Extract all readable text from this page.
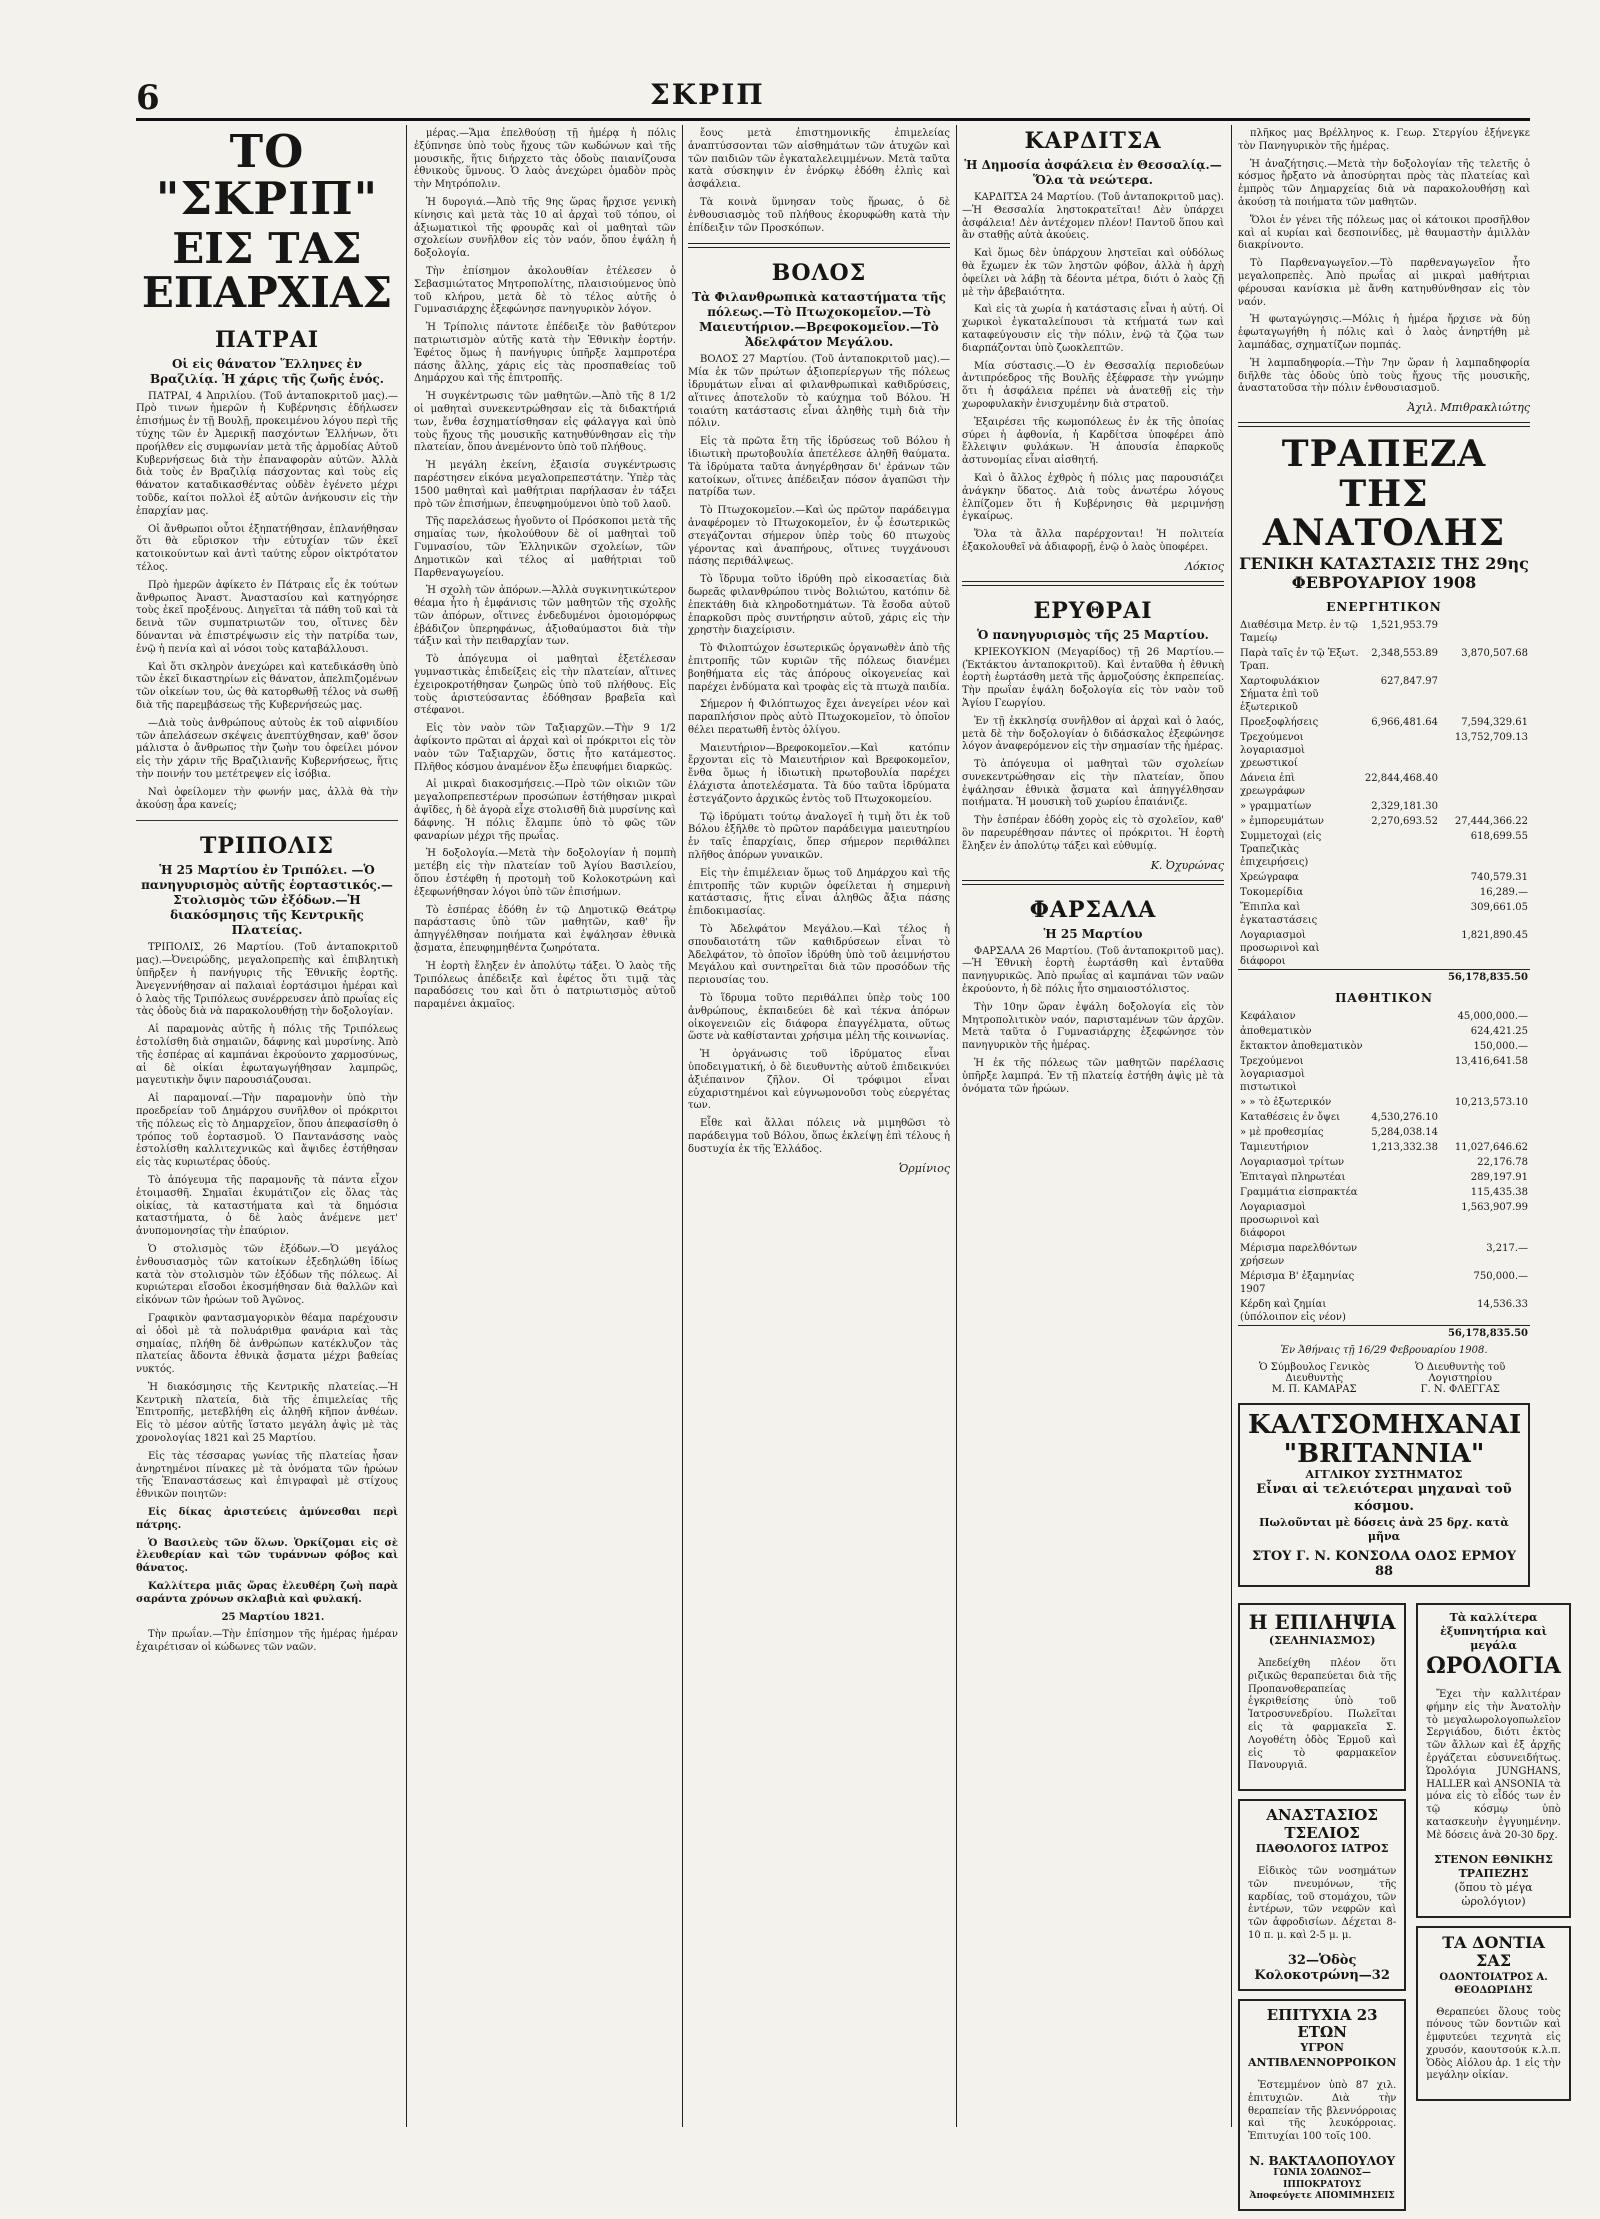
6	ΣΚΡΙΠ
ΤΟ "ΣΚΡΙΠ"
ΕΙΣ ΤΑΣ ΕΠΑΡΧΙΑΣ
ΠΑΤΡΑΙ
Οἱ εἰς θάνατον Ἕλληνες ἐν Βραζιλίᾳ. Ἡ χάρις τῆς ζωῆς ἑνός.

ΠΑΤΡΑΙ, 4 Ἀπριλίου. (Τοῦ ἀνταποκριτοῦ μας).—Πρὸ τινων ἡμερῶν ἡ Κυβέρνησις ἐδήλωσεν ἐπισήμως ἐν τῇ Βουλῇ, προκειμένου λόγου περὶ τῆς τύχης τῶν ἐν Ἀμερικῇ πασχόντων Ἑλλήνων, ὅτι προήλθεν εἰς συμφωνίαν μετὰ τῆς ἀρμοδίας Αὐτοῦ Κυβερνήσεως διὰ τὴν ἐπαναφορὰν αὐτῶν. Ἀλλὰ διὰ τοὺς ἐν Βραζιλίᾳ πάσχοντας καὶ τοὺς εἰς θάνατον καταδικασθέντας οὐδὲν ἐγένετο μέχρι τοῦδε, καίτοι πολλοὶ ἐξ αὐτῶν ἀνήκουσιν εἰς τὴν ἐπαρχίαν μας.

Οἱ ἄνθρωποι οὗτοι ἐξηπατήθησαν, ἐπλανήθησαν ὅτι θὰ εὕρισκον τὴν εὐτυχίαν τῶν ἐκεῖ κατοικούντων καὶ ἀντὶ ταύτης εὗρον οἰκτρότατον τέλος.

Πρὸ ἡμερῶν ἀφίκετο ἐν Πάτραις εἷς ἐκ τούτων ἄνθρωπος Ἀναστ. Ἀναστασίου καὶ κατηγόρησε τοὺς ἐκεῖ προξένους. Διηγεῖται τὰ πάθη τοῦ καὶ τὰ δεινὰ τῶν συμπατριωτῶν του, οἵτινες δὲν δύνανται νὰ ἐπιστρέψωσιν εἰς τὴν πατρίδα των, ἐνῷ ἡ πενία καὶ αἱ νόσοι τοὺς καταβάλλουσι.

Καὶ ὅτι σκληρὸν ἀνεχώρει καὶ κατεδικάσθη ὑπὸ τῶν ἐκεῖ δικαστηρίων εἰς θάνατον, ἀπελπιζομένων τῶν οἰκείων του, ὡς θὰ κατορθωθῇ τέλος νὰ σωθῇ διὰ τῆς παρεμβάσεως τῆς Κυβερνήσεώς μας.

—Διὰ τοὺς ἀνθρώπους αὐτοὺς ἐκ τοῦ αἰφνιδίου τῶν ἀπελάσεων σκέψεις ἀνεπτύχθησαν, καθ' ὅσον μάλιστα ὁ ἄνθρωπος τὴν ζωὴν του ὀφείλει μόνον εἰς τὴν χάριν τῆς Βραζιλιανῆς Κυβερνήσεως, ἥτις τὴν ποινήν του μετέτρεψεν εἰς ἰσόβια.

Ναὶ ὀφείλομεν τὴν φωνήν μας, ἀλλὰ θὰ τὴν ἀκούσῃ ἆρα κανείς;

ΤΡΙΠΟΛΙΣ
Ἡ 25 Μαρτίου ἐν Τριπόλει. —Ὁ πανηγυρισμὸς αὐτῆς ἑορταστικός.—Στολισμὸς τῶν ἐξόδων.—Ἡ διακόσμησις τῆς Κεντρικῆς Πλατείας.

ΤΡΙΠΟΛΙΣ, 26 Μαρτίου. (Τοῦ ἀνταποκριτοῦ μας).—Ὀνειρώδης, μεγαλοπρεπὴς καὶ ἐπιβλητικὴ ὑπῆρξεν ἡ πανήγυρις τῆς Ἐθνικῆς ἑορτῆς. Ἀνεγεννήθησαν αἱ παλαιαὶ ἑορτάσιμοι ἡμέραι καὶ ὁ λαὸς τῆς Τριπόλεως συνέρρευσεν ἀπὸ πρωΐας εἰς τὰς ὁδοὺς διὰ νὰ παρακολουθήσῃ τὴν δοξολογίαν.

Αἱ παραμονὰς αὐτῆς ἡ πόλις τῆς Τριπόλεως ἐστολίσθη διὰ σημαιῶν, δάφνης καὶ μυρσίνης. Ἀπὸ τῆς ἑσπέρας αἱ καμπάναι ἐκρούοντο χαρμοσύνως, αἱ δὲ οἰκίαι ἐφωταγωγήθησαν λαμπρῶς, μαγευτικὴν ὄψιν παρουσιάζουσαι.

Αἱ παραμοναί.—Τὴν παραμονὴν ὑπὸ τὴν προεδρείαν τοῦ Δημάρχου συνῆλθον οἱ πρόκριτοι τῆς πόλεως εἰς τὸ Δημαρχεῖον, ὅπου ἀπεφασίσθη ὁ τρόπος τοῦ ἑορτασμοῦ. Ὁ Παντανάσσης ναὸς ἐστολίσθη καλλιτεχνικῶς καὶ ἄψιδες ἐστήθησαν εἰς τὰς κυριωτέρας ὁδούς.

Τὸ ἀπόγευμα τῆς παραμονῆς τὰ πάντα εἶχον ἑτοιμασθῆ. Σημαῖαι ἐκυμάτιζον εἰς ὅλας τὰς οἰκίας, τὰ καταστήματα καὶ τὰ δημόσια καταστήματα, ὁ δὲ λαὸς ἀνέμενε μετ' ἀνυπομονησίας τὴν ἐπαύριον.

Ὁ στολισμὸς τῶν ἐξόδων.—Ὁ μεγάλος ἐνθουσιασμὸς τῶν κατοίκων ἐξεδηλώθη ἰδίως κατὰ τὸν στολισμὸν τῶν ἐξόδων τῆς πόλεως. Αἱ κυριώτεραι εἴσοδοι ἐκοσμήθησαν διὰ θαλλῶν καὶ εἰκόνων τῶν ἡρώων τοῦ Ἀγῶνος.

Γραφικὸν φαντασμαγορικὸν θέαμα παρέχουσιν αἱ ὁδοὶ μὲ τὰ πολυάριθμα φανάρια καὶ τὰς σημαίας, πλήθη δὲ ἀνθρώπων κατέκλυζον τὰς πλατείας ἄδοντα ἐθνικὰ ᾄσματα μέχρι βαθείας νυκτός.

Ἡ διακόσμησις τῆς Κεντρικῆς πλατείας.—Ἡ Κεντρικὴ πλατεία, διὰ τῆς ἐπιμελείας τῆς Ἐπιτροπῆς, μετεβλήθη εἰς ἀληθῆ κῆπον ἀνθέων. Εἰς τὸ μέσον αὐτῆς ἵστατο μεγάλη ἁψὶς μὲ τὰς χρονολογίας 1821 καὶ 25 Μαρτίου.

Εἰς τὰς τέσσαρας γωνίας τῆς πλατείας ἦσαν ἀνηρτημένοι πίνακες μὲ τὰ ὀνόματα τῶν ἡρώων τῆς Ἐπαναστάσεως καὶ ἐπιγραφαὶ μὲ στίχους ἐθνικῶν ποιητῶν:

Εἰς δίκας ἀριστεύεις ἀμύνεσθαι περὶ πάτρης.

Ὁ Βασιλεὺς τῶν ὅλων. Ὁρκίζομαι εἰς σὲ ἐλευθερίαν καὶ τῶν τυράννων φόβος καὶ θάνατος.

Καλλίτερα μιᾶς ὥρας ἐλευθέρη ζωὴ παρὰ σαράντα χρόνων σκλαβιὰ καὶ φυλακή.

25 Μαρτίου 1821.

Τὴν πρωΐαν.—Τὴν ἐπίσημον τῆς ἡμέρας ἡμέραν ἐχαιρέτισαν οἱ κώδωνες τῶν ναῶν.

μέρας.—Ἅμα ἐπελθούσῃ τῇ ἡμέρᾳ ἡ πόλις ἐξύπνησε ὑπὸ τοὺς ἤχους τῶν κωδώνων καὶ τῆς μουσικῆς, ἥτις διήρχετο τὰς ὁδοὺς παιανίζουσα ἐθνικοὺς ὕμνους. Ὁ λαὸς ἀνεχώρει ὁμαδὸν πρὸς τὴν Μητρόπολιν.

Ἡ δυρογιά.—Ἀπὸ τῆς 9ης ὥρας ἤρχισε γενικὴ κίνησις καὶ μετὰ τὰς 10 αἱ ἀρχαὶ τοῦ τόπου, οἱ ἀξιωματικοὶ τῆς φρουρᾶς καὶ οἱ μαθηταὶ τῶν σχολείων συνῆλθον εἰς τὸν ναόν, ὅπου ἐψάλη ἡ δοξολογία.

Τὴν ἐπίσημον ἀκολουθίαν ἐτέλεσεν ὁ Σεβασμιώτατος Μητροπολίτης, πλαισιούμενος ὑπὸ τοῦ κλήρου, μετὰ δὲ τὸ τέλος αὐτῆς ὁ Γυμνασιάρχης ἐξεφώνησε πανηγυρικὸν λόγον.

Ἡ Τρίπολις πάντοτε ἐπέδειξε τὸν βαθύτερον πατριωτισμὸν αὐτῆς κατὰ τὴν Ἐθνικὴν ἑορτήν. Ἐφέτος ὅμως ἡ πανήγυρις ὑπῆρξε λαμπροτέρα πάσης ἄλλης, χάρις εἰς τὰς προσπαθείας τοῦ Δημάρχου καὶ τῆς ἐπιτροπῆς.

Ἡ συγκέντρωσις τῶν μαθητῶν.—Ἀπὸ τῆς 8 1/2 οἱ μαθηταὶ συνεκεντρώθησαν εἰς τὰ διδακτήριά των, ἔνθα ἐσχηματίσθησαν εἰς φάλαγγα καὶ ὑπὸ τοὺς ἤχους τῆς μουσικῆς κατηυθύνθησαν εἰς τὴν πλατείαν, ὅπου ἀνεμένοντο ὑπὸ τοῦ πλήθους.

Ἡ μεγάλη ἐκείνη, ἐξαισία συγκέντρωσις παρέστησεν εἰκόνα μεγαλοπρεπεστάτην. Ὑπὲρ τὰς 1500 μαθηταὶ καὶ μαθήτριαι παρήλασαν ἐν τάξει πρὸ τῶν ἐπισήμων, ἐπευφημούμενοι ὑπὸ τοῦ λαοῦ.

Τῆς παρελάσεως ἡγοῦντο οἱ Πρόσκοποι μετὰ τῆς σημαίας των, ἠκολούθουν δὲ οἱ μαθηταὶ τοῦ Γυμνασίου, τῶν Ἑλληνικῶν σχολείων, τῶν Δημοτικῶν καὶ τέλος αἱ μαθήτριαι τοῦ Παρθεναγωγείου.

Ἡ σχολὴ τῶν ἀπόρων.—Ἀλλὰ συγκινητικώτερον θέαμα ἦτο ἡ ἐμφάνισις τῶν μαθητῶν τῆς σχολῆς τῶν ἀπόρων, οἵτινες ἐνδεδυμένοι ὁμοιομόρφως ἐβάδιζον ὑπερηφάνως, ἀξιοθαύμαστοι διὰ τὴν τάξιν καὶ τὴν πειθαρχίαν των.

Τὸ ἀπόγευμα οἱ μαθηταὶ ἐξετέλεσαν γυμναστικὰς ἐπιδείξεις εἰς τὴν πλατείαν, αἵτινες ἐχειροκροτήθησαν ζωηρῶς ὑπὸ τοῦ πλήθους. Εἰς τοὺς ἀριστεύσαντας ἐδόθησαν βραβεῖα καὶ στέφανοι.

Εἰς τὸν ναὸν τῶν Ταξιαρχῶν.—Τὴν 9 1/2 ἀφίκοντο πρῶται αἱ ἀρχαὶ καὶ οἱ πρόκριτοι εἰς τὸν ναὸν τῶν Ταξιαρχῶν, ὅστις ἦτο κατάμεστος. Πλῆθος κόσμου ἀναμένον ἔξω ἐπευφήμει διαρκῶς.

Αἱ μικραὶ διακοσμήσεις.—Πρὸ τῶν οἰκιῶν τῶν μεγαλοπρεπεστέρων προσώπων ἐστήθησαν μικραὶ ἁψῖδες, ἡ δὲ ἀγορὰ εἶχε στολισθῆ διὰ μυρσίνης καὶ δάφνης. Ἡ πόλις ἔλαμπε ὑπὸ τὸ φῶς τῶν φαναρίων μέχρι τῆς πρωΐας.

Ἡ δοξολογία.—Μετὰ τὴν δοξολογίαν ἡ πομπὴ μετέβη εἰς τὴν πλατείαν τοῦ Ἀγίου Βασιλείου, ὅπου ἐστέφθη ἡ προτομὴ τοῦ Κολοκοτρώνη καὶ ἐξεφωνήθησαν λόγοι ὑπὸ τῶν ἐπισήμων.

Τὸ ἑσπέρας ἐδόθη ἐν τῷ Δημοτικῷ Θεάτρῳ παράστασις ὑπὸ τῶν μαθητῶν, καθ' ἣν ἀπηγγέλθησαν ποιήματα καὶ ἐψάλησαν ἐθνικὰ ᾄσματα, ἐπευφημηθέντα ζωηρότατα.

Ἡ ἑορτὴ ἔληξεν ἐν ἀπολύτῳ τάξει. Ὁ λαὸς τῆς Τριπόλεως ἀπέδειξε καὶ ἐφέτος ὅτι τιμᾷ τὰς παραδόσεις του καὶ ὅτι ὁ πατριωτισμὸς αὐτοῦ παραμένει ἀκμαῖος.

ἔους μετὰ ἐπιστημονικῆς ἐπιμελείας ἀναπτύσσονται τῶν αἰσθημάτων τῶν ἀτυχῶν καὶ τῶν παιδιῶν τῶν ἐγκαταλελειμμένων. Μετὰ ταῦτα κατὰ σύσκηψιν ἐν ἐνόρκῳ ἐδόθη ἐλπὶς καὶ ἀσφάλεια.

Τὰ κοινὰ ὕμνησαν τοὺς ἥρωας, ὁ δὲ ἐνθουσιασμὸς τοῦ πλήθους ἐκορυφώθη κατὰ τὴν ἐπίδειξιν τῶν Προσκόπων.

ΒΟΛΟΣ
Τὰ Φιλανθρωπικὰ καταστήματα τῆς πόλεως.—Τὸ Πτωχοκομεῖον.—Τὸ Μαιευτήριον.—Βρεφοκομεῖον.—Τὸ Ἀδελφάτον Μεγάλου.

ΒΟΛΟΣ 27 Μαρτίου. (Τοῦ ἀνταποκριτοῦ μας).—Μία ἐκ τῶν πρώτων ἀξιοπερίεργων τῆς πόλεως ἰδρυμάτων εἶναι αἱ φιλανθρωπικαὶ καθιδρύσεις, αἵτινες ἀποτελοῦν τὸ καύχημα τοῦ Βόλου. Ἡ τοιαύτη κατάστασις εἶναι ἀληθὴς τιμὴ διὰ τὴν πόλιν.

Εἰς τὰ πρῶτα ἔτη τῆς ἰδρύσεως τοῦ Βόλου ἡ ἰδιωτικὴ πρωτοβουλία ἀπετέλεσε ἀληθῆ θαύματα. Τὰ ἱδρύματα ταῦτα ἀνηγέρθησαν δι' ἐράνων τῶν κατοίκων, οἵτινες ἀπέδειξαν πόσον ἀγαπῶσι τὴν πατρίδα των.

Τὸ Πτωχοκομεῖον.—Καὶ ὡς πρῶτον παράδειγμα ἀναφέρομεν τὸ Πτωχοκομεῖον, ἐν ᾧ ἐσωτερικῶς στεγάζονται σήμερον ὑπὲρ τοὺς 60 πτωχοὺς γέροντας καὶ ἀναπήρους, οἵτινες τυγχάνουσι πάσης περιθάλψεως.

Τὸ ἵδρυμα τοῦτο ἱδρύθη πρὸ εἰκοσαετίας διὰ δωρεᾶς φιλανθρώπου τινὸς Βολιώτου, κατόπιν δὲ ἐπεκτάθη διὰ κληροδοτημάτων. Τὰ ἔσοδα αὐτοῦ ἐπαρκοῦσι πρὸς συντήρησιν αὐτοῦ, χάρις εἰς τὴν χρηστὴν διαχείρισιν.

Τὸ Φιλοπτώχον ἐσωτερικῶς ὀργανωθὲν ἀπὸ τῆς ἐπιτροπῆς τῶν κυριῶν τῆς πόλεως διανέμει βοηθήματα εἰς τὰς ἀπόρους οἰκογενείας καὶ παρέχει ἐνδύματα καὶ τροφὰς εἰς τὰ πτωχὰ παιδία.

Σήμερον ἡ Φιλόπτωχος ἔχει ἀνεγείρει νέον καὶ παραπλήσιον πρὸς αὐτὸ Πτωχοκομεῖον, τὸ ὁποῖον θέλει περατωθῆ ἐντὸς ὀλίγου.

Μαιευτήριον—Βρεφοκομεῖον.—Καὶ κατόπιν ἔρχονται εἰς τὸ Μαιευτήριον καὶ Βρεφοκομεῖον, ἔνθα ὅμως ἡ ἰδιωτικὴ πρωτοβουλία παρέχει ἐλάχιστα ἀποτελέσματα. Τὰ δύο ταῦτα ἱδρύματα ἐστεγάζοντο ἀρχικῶς ἐντὸς τοῦ Πτωχοκομείου.

Τῷ ἰδρύματι τούτῳ ἀναλογεῖ ἡ τιμὴ ὅτι ἐκ τοῦ Βόλου ἐξῆλθε τὸ πρῶτον παράδειγμα μαιευτηρίου ἐν ταῖς ἐπαρχίαις, ὅπερ σήμερον περιθάλπει πλῆθος ἀπόρων γυναικῶν.

Εἰς τὴν ἐπιμέλειαν ὅμως τοῦ Δημάρχου καὶ τῆς ἐπιτροπῆς τῶν κυριῶν ὀφείλεται ἡ σημερινὴ κατάστασις, ἥτις εἶναι ἀληθῶς ἄξια πάσης ἐπιδοκιμασίας.

Τὸ Ἀδελφάτον Μεγάλου.—Καὶ τέλος ἡ σπουδαιοτάτη τῶν καθιδρύσεων εἶναι τὸ Ἀδελφάτον, τὸ ὁποῖον ἱδρύθη ὑπὸ τοῦ ἀειμνήστου Μεγάλου καὶ συντηρεῖται διὰ τῶν προσόδων τῆς περιουσίας του.

Τὸ ἵδρυμα τοῦτο περιθάλπει ὑπὲρ τοὺς 100 ἀνθρώπους, ἐκπαιδεύει δὲ καὶ τέκνα ἀπόρων οἰκογενειῶν εἰς διάφορα ἐπαγγέλματα, οὕτως ὥστε νὰ καθίστανται χρήσιμα μέλη τῆς κοινωνίας.

Ἡ ὀργάνωσις τοῦ ἰδρύματος εἶναι ὑποδειγματική, ὁ δὲ διευθυντὴς αὐτοῦ ἐπιδεικνύει ἀξιέπαινον ζῆλον. Οἱ τρόφιμοι εἶναι εὐχαριστημένοι καὶ εὐγνωμονοῦσι τοὺς εὐεργέτας των.

Εἶθε καὶ ἄλλαι πόλεις νὰ μιμηθῶσι τὸ παράδειγμα τοῦ Βόλου, ὅπως ἐκλείψῃ ἐπὶ τέλους ἡ δυστυχία ἐκ τῆς Ἑλλάδος.

Ὁρμίνιος
ΚΑΡΔΙΤΣΑ
Ἡ Δημοσία ἀσφάλεια ἐν Θεσσαλίᾳ.—Ὅλα τὰ νεώτερα.

ΚΑΡΔΙΤΣΑ 24 Μαρτίου. (Τοῦ ἀνταποκριτοῦ μας).—Ἡ Θεσσαλία ληστοκρατεῖται! Δὲν ὑπάρχει ἀσφάλεια! Δὲν ἀντέχομεν πλέον! Παντοῦ ὅπου καὶ ἂν σταθῇς αὐτὰ ἀκούεις.

Καὶ ὅμως δὲν ὑπάρχουν ληστεῖαι καὶ οὐδόλως θὰ ἔχωμεν ἐκ τῶν ληστῶν φόβον, ἀλλὰ ἡ ἀρχὴ ὀφείλει νὰ λάβῃ τὰ δέοντα μέτρα, διότι ὁ λαὸς ζῇ μὲ τὴν ἀβεβαιότητα.

Καὶ εἰς τὰ χωρία ἡ κατάστασις εἶναι ἡ αὐτή. Οἱ χωρικοὶ ἐγκαταλείπουσι τὰ κτήματά των καὶ καταφεύγουσιν εἰς τὴν πόλιν, ἐνῷ τὰ ζῷα των διαρπάζονται ὑπὸ ζωοκλεπτῶν.

Μία σύστασις.—Ὁ ἐν Θεσσαλίᾳ περιοδεύων ἀντιπρόεδρος τῆς Βουλῆς ἐξέφρασε τὴν γνώμην ὅτι ἡ ἀσφάλεια πρέπει νὰ ἀνατεθῇ εἰς τὴν χωροφυλακὴν ἐνισχυμένην διὰ στρατοῦ.

Ἐξαιρέσει τῆς κωμοπόλεως ἐν ἐκ τῆς ὁποίας σύρει ἡ ἀφθονία, ἡ Καρδίτσα ὑποφέρει ἀπὸ ἔλλειψιν φυλάκων. Ἡ ἀπουσία ἐπαρκοῦς ἀστυνομίας εἶναι αἰσθητή.

Καὶ ὁ ἄλλος ἐχθρὸς ἡ πόλις μας παρουσιάζει ἀνάγκην ὕδατος. Διὰ τοὺς ἀνωτέρω λόγους ἐλπίζομεν ὅτι ἡ Κυβέρνησις θὰ μεριμνήσῃ ἐγκαίρως.

Ὅλα τὰ ἄλλα παρέρχονται! Ἡ πολιτεία ἐξακολουθεῖ νὰ ἀδιαφορῇ, ἐνῷ ὁ λαὸς ὑποφέρει.

Λόκιος
ΕΡΥΘΡΑΙ
Ὁ πανηγυρισμὸς τῆς 25 Μαρτίου.

ΚΡΙΕΚΟΥΚΙΟΝ (Μεγαρίδος) τῇ 26 Μαρτίου.—(Ἐκτάκτου ἀνταποκριτοῦ). Καὶ ἐνταῦθα ἡ ἐθνικὴ ἑορτὴ ἐωρτάσθη μετὰ τῆς ἁρμοζούσης ἐκπρεπείας. Τὴν πρωΐαν ἐψάλη δοξολογία εἰς τὸν ναὸν τοῦ Ἁγίου Γεωργίου.

Ἐν τῇ ἐκκλησίᾳ συνῆλθον αἱ ἀρχαὶ καὶ ὁ λαός, μετὰ δὲ τὴν δοξολογίαν ὁ διδάσκαλος ἐξεφώνησε λόγον ἀναφερόμενον εἰς τὴν σημασίαν τῆς ἡμέρας.

Τὸ ἀπόγευμα οἱ μαθηταὶ τῶν σχολείων συνεκεντρώθησαν εἰς τὴν πλατείαν, ὅπου ἐψάλησαν ἐθνικὰ ᾄσματα καὶ ἀπηγγέλθησαν ποιήματα. Ἡ μουσικὴ τοῦ χωρίου ἐπαιάνιζε.

Τὴν ἑσπέραν ἐδόθη χορὸς εἰς τὸ σχολεῖον, καθ' ὃν παρευρέθησαν πάντες οἱ πρόκριτοι. Ἡ ἑορτὴ ἔληξεν ἐν ἀπολύτῳ τάξει καὶ εὐθυμίᾳ.

Κ. Ὀχυρώνας
ΦΑΡΣΑΛΑ
Ἡ 25 Μαρτίου

ΦΑΡΣΑΛΑ 26 Μαρτίου. (Τοῦ ἀνταποκριτοῦ μας).—Ἡ Ἐθνικὴ ἑορτὴ ἐωρτάσθη καὶ ἐνταῦθα πανηγυρικῶς. Ἀπὸ πρωΐας αἱ καμπάναι τῶν ναῶν ἐκρούοντο, ἡ δὲ πόλις ἦτο σημαιοστόλιστος.

Τὴν 10ην ὥραν ἐψάλη δοξολογία εἰς τὸν Μητροπολιτικὸν ναόν, παρισταμένων τῶν ἀρχῶν. Μετὰ ταῦτα ὁ Γυμνασιάρχης ἐξεφώνησε τὸν πανηγυρικὸν τῆς ἡμέρας.

Ἡ ἐκ τῆς πόλεως τῶν μαθητῶν παρέλασις ὑπῆρξε λαμπρά. Ἐν τῇ πλατείᾳ ἐστήθη ἁψὶς μὲ τὰ ὀνόματα τῶν ἡρώων.

πλῆκος μας Βρέλληνος κ. Γεωρ. Στεργίου ἐξήνεγκε τὸν Πανηγυρικὸν τῆς ἡμέρας.

Ἡ ἀναζήτησις.—Μετὰ τὴν δοξολογίαν τῆς τελετῆς ὁ κόσμος ἤρξατο νὰ ἀποσύρηται πρὸς τὰς πλατείας καὶ ἐμπρὸς τῶν Δημαρχείας διὰ νὰ παρακολουθήσῃ καὶ ἀκούσῃ τὰ ποιήματα τῶν μαθητῶν.

Ὅλοι ἐν γένει τῆς πόλεως μας οἱ κάτοικοι προσῆλθον καὶ αἱ κυρίαι καὶ δεσποινίδες, μὲ θαυμαστὴν ἁμιλλὰν διακρίνοντο.

Τὸ Παρθεναγωγεῖον.—Τὸ παρθεναγωγεῖον ἦτο μεγαλοπρεπὲς. Ἀπὸ πρωΐας αἱ μικραὶ μαθήτριαι φέρουσαι κανίσκια μὲ ἄνθη κατηυθύνθησαν εἰς τὸν ναόν.

Ἡ φωταγώγησις.—Μόλις ἡ ἡμέρα ἤρχισε νὰ δύῃ ἐφωταγωγήθη ἡ πόλις καὶ ὁ λαὸς ἀνηρτήθη μὲ λαμπάδας, σχηματίζων πομπάς.

Ἡ λαμπαδηφορία.—Τὴν 7ην ὥραν ἡ λαμπαδηφορία διῆλθε τὰς ὁδοὺς ὑπὸ τοὺς ἤχους τῆς μουσικῆς, ἀναστατοῦσα τὴν πόλιν ἐνθουσιασμοῦ.

Ἀχιλ. Μπιθρακλιώτης
ΤΡΑΠΕΖΑ ΤΗΣ ΑΝΑΤΟΛΗΣ
ΓΕΝΙΚΗ ΚΑΤΑΣΤΑΣΙΣ ΤΗΣ 29ης ΦΕΒΡΟΥΑΡΙΟΥ 1908
ΕΝΕΡΓΗΤΙΚΟΝ
Διαθέσιμα Μετρ. ἐν τῷ Ταμείῳ	1,521,953.79	
Παρὰ ταῖς ἐν τῷ Ἐξωτ. Τραπ.	2,348,553.89	3,870,507.68
Χαρτοφυλάκιον Σήματα ἐπὶ τοῦ ἐξωτερικοῦ	627,847.97	
Προεξοφλήσεις	6,966,481.64	7,594,329.61
Τρεχούμενοι λογαριασμοὶ χρεωστικοί		13,752,709.13
Δάνεια ἐπὶ χρεωγράφων	22,844,468.40	
» γραμματίων	2,329,181.30	
» ἐμπορευμάτων	2,270,693.52	27,444,366.22
Συμμετοχαὶ (εἰς Τραπεζικὰς ἐπιχειρήσεις)		618,699.55
Χρεώγραφα		740,579.31
Τοκομερίδια		16,289.—
Ἔπιπλα καὶ ἐγκαταστάσεις		309,661.05
Λογαριασμοὶ προσωρινοὶ καὶ διάφοροι		1,821,890.45
		56,178,835.50
ΠΑΘΗΤΙΚΟΝ
Κεφάλαιον		45,000,000.—
ἀποθεματικὸν		624,421.25
ἔκτακτον ἀποθεματικὸν		150,000.—
Τρεχούμενοι λογαριασμοὶ πιστωτικοὶ		13,416,641.58
» » τὸ ἐξωτερικόν		10,213,573.10
Καταθέσεις ἐν ὄψει	4,530,276.10	
» μὲ προθεσμίας	5,284,038.14	
Ταμιευτήριον	1,213,332.38	11,027,646.62
Λογαριασμοὶ τρίτων		22,176.78
Ἐπιταγαὶ πληρωτέαι		289,197.91
Γραμμάτια εἰσπρακτέα		115,435.38
Λογαριασμοὶ προσωρινοὶ καὶ διάφοροι		1,563,907.99
Μέρισμα παρελθόντων χρήσεων		3,217.—
Μέρισμα Β' ἑξαμηνίας 1907		750,000.—
Κέρδη καὶ ζημίαι (ὑπόλοιπον εἰς νέον)		14,536.33
		56,178,835.50
Ἐν Ἀθήναις τῇ 16/29 Φεβρουαρίου 1908.
Ὁ Σύμβουλος Γενικὸς Διευθυντὴς
Μ. Π. ΚΑΜΑΡΑΣ
Ὁ Διευθυντὴς τοῦ Λογιστηρίου
Γ. Ν. ΦΛΕΓΓΑΣ
ΚΑΛΤΣΟΜΗΧΑΝΑΙ "BRITANNIA"
ΑΓΓΛΙΚΟΥ ΣΥΣΤΗΜΑΤΟΣ
Εἶναι αἱ τελειότεραι μηχαναὶ τοῦ κόσμου.
Πωλοῦνται μὲ δόσεις ἀνὰ 25 δρχ. κατὰ μῆνα
ΣΤΟΥ Γ. Ν. ΚΟΝΣΟΛΑ ΟΔΟΣ ΕΡΜΟΥ 88
Η ΕΠΙΛΗΨΙΑ
(ΣΕΛΗΝΙΑΣΜΟΣ)

Ἀπεδείχθη πλέον ὅτι ριζικῶς θεραπεύεται διὰ τῆς Προπανοθεραπείας ἐγκριθείσης ὑπὸ τοῦ Ἰατροσυνεδρίου. Πωλεῖται εἰς τὰ φαρμακεῖα Σ. Λογοθέτη ὁδὸς Ἑρμοῦ καὶ εἰς τὸ φαρμακεῖον Πανουργιᾶ.

ΑΝΑΣΤΑΣΙΟΣ ΤΣΕΛΙΟΣ
ΠΑΘΟΛΟΓΟΣ ΙΑΤΡΟΣ

Εἰδικὸς τῶν νοσημάτων τῶν πνευμόνων, τῆς καρδίας, τοῦ στομάχου, τῶν ἐντέρων, τῶν νεφρῶν καὶ τῶν ἀφροδισίων. Δέχεται 8-10 π. μ. καὶ 2-5 μ. μ.

32—Ὁδὸς Κολοκοτρώνη—32
ΕΠΙΤΥΧΙΑ 23 ΕΤΩΝ
ΥΓΡΟΝ ΑΝΤΙΒΛΕΝΝΟΡΡΟΙΚΟΝ

Ἐστεμμένον ὑπὸ 87 χιλ. ἐπιτυχιῶν. Διὰ τὴν θεραπείαν τῆς βλεννόρροιας καὶ τῆς λευκόρροιας. Ἐπιτυχίαι 100 τοῖς 100.

Ν. ΒΑΚΤΑΛΟΠΟΥΛΟΥ
ΓΩΝΙΑ ΣΟΛΩΝΟΣ—ΙΠΠΟΚΡΑΤΟΥΣ
Ἀποφεύγετε ΑΠΟΜΙΜΗΣΕΙΣ
Τὰ καλλίτερα ἐξυπνητήρια καὶ μεγάλα
ΩΡΟΛΟΓΙΑ

Ἔχει τὴν καλλιτέραν φήμην εἰς τὴν Ἀνατολὴν τὸ μεγαλωρολογοπωλεῖον Σεργιάδου, διότι ἐκτὸς τῶν ἄλλων καὶ ἐξ ἀρχῆς ἐργάζεται εὐσυνειδήτως. Ὡρολόγια JUNGHANS, HALLER καὶ ANSONIA τὰ μόνα εἰς τὸ εἶδός των ἐν τῷ κόσμῳ ὑπὸ κατασκευὴν ἐγγυημένην. Μὲ δόσεις ἀνὰ 20-30 δρχ.

ΣΤΕΝΟΝ ΕΘΝΙΚΗΣ ΤΡΑΠΕΖΗΣ
(ὅπου τὸ μέγα ὡρολόγιον)
ΤΑ ΔΟΝΤΙΑ ΣΑΣ
ΟΔΟΝΤΟΙΑΤΡΟΣ Α. ΘΕΟΔΩΡΙΔΗΣ

Θεραπεύει ὅλους τοὺς πόνους τῶν δοντιῶν καὶ ἐμφυτεύει τεχνητὰ εἰς χρυσόν, καουτσούκ κ.λ.π. Ὁδὸς Αἰόλου ἀρ. 1 εἰς τὴν μεγάλην οἰκίαν.
